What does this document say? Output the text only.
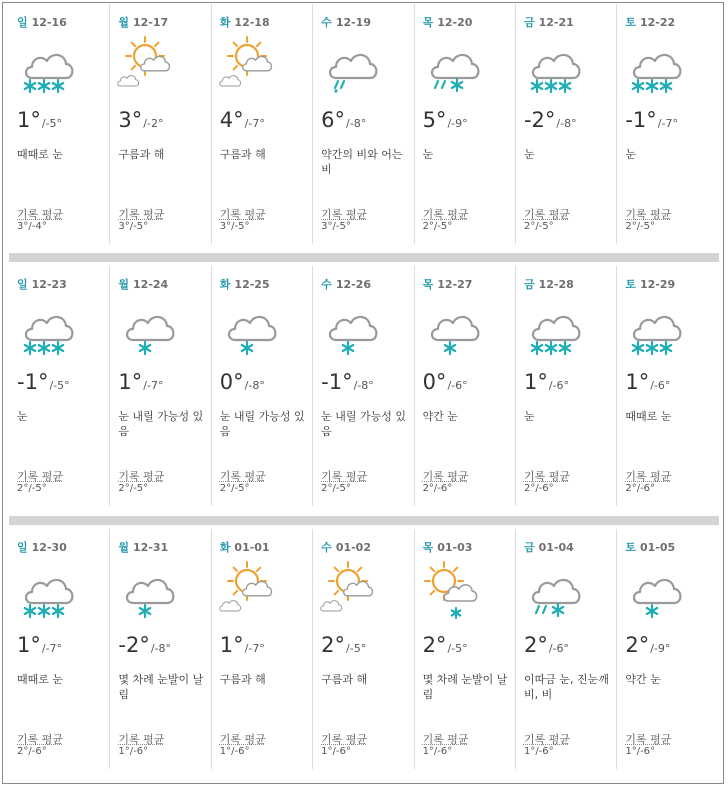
일 12-16
1°/-5°
때때로 눈
기록 평균
3°/-4°
월 12-17
3°/-2°
구름과 해
기록 평균
3°/-5°
화 12-18
4°/-7°
구름과 해
기록 평균
3°/-5°
수 12-19
6°/-8°
약간의 비와 어는 비
기록 평균
3°/-5°
목 12-20
5°/-9°
눈
기록 평균
2°/-5°
금 12-21
-2°/-8°
눈
기록 평균
2°/-5°
토 12-22
-1°/-7°
눈
기록 평균
2°/-5°
일 12-23
-1°/-5°
눈
기록 평균
2°/-5°
월 12-24
1°/-7°
눈 내릴 가능성 있음
기록 평균
2°/-5°
화 12-25
0°/-8°
눈 내릴 가능성 있음
기록 평균
2°/-5°
수 12-26
-1°/-8°
눈 내릴 가능성 있음
기록 평균
2°/-5°
목 12-27
0°/-6°
약간 눈
기록 평균
2°/-6°
금 12-28
1°/-6°
눈
기록 평균
2°/-6°
토 12-29
1°/-6°
때때로 눈
기록 평균
2°/-6°
일 12-30
1°/-7°
때때로 눈
기록 평균
2°/-6°
월 12-31
-2°/-8°
몇 차례 눈발이 날림
기록 평균
1°/-6°
화 01-01
1°/-7°
구름과 해
기록 평균
1°/-6°
수 01-02
2°/-5°
구름과 해
기록 평균
1°/-6°
목 01-03
2°/-5°
몇 차례 눈발이 날림
기록 평균
1°/-6°
금 01-04
2°/-6°
이따금 눈, 진눈깨비, 비
기록 평균
1°/-6°
토 01-05
2°/-9°
약간 눈
기록 평균
1°/-6°
